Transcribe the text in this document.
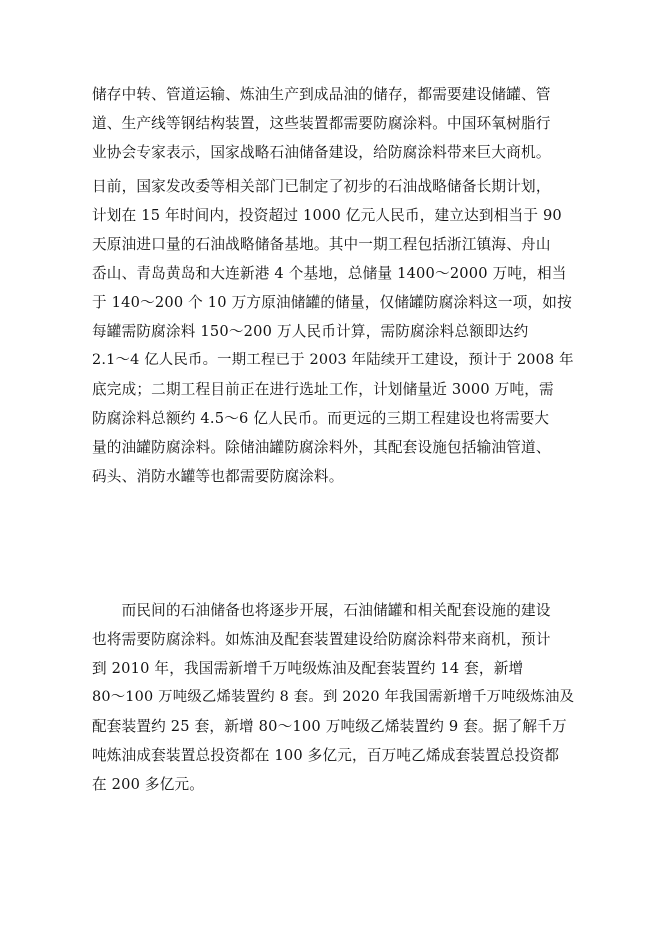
储存中转、管道运输、炼油生产到成品油的储存，都需要建设储罐、管
道、生产线等钢结构装置，这些装置都需要防腐涂料。中国环氧树脂行
业协会专家表示，国家战略石油储备建设，给防腐涂料带来巨大商机。
日前，国家发改委等相关部门已制定了初步的石油战略储备长期计划，
计划在 15 年时间内，投资超过 1000 亿元人民币，建立达到相当于 90
天原油进口量的石油战略储备基地。其中一期工程包括浙江镇海、舟山
岙山、青岛黄岛和大连新港 4 个基地，总储量 1400～2000 万吨，相当
于 140～200 个 10 万方原油储罐的储量，仅储罐防腐涂料这一项，如按
每罐需防腐涂料 150～200 万人民币计算，需防腐涂料总额即达约
2.1～4 亿人民币。一期工程已于 2003 年陆续开工建设，预计于 2008 年
底完成；二期工程目前正在进行选址工作，计划储量近 3000 万吨，需
防腐涂料总额约 4.5～6 亿人民币。而更远的三期工程建设也将需要大
量的油罐防腐涂料。除储油罐防腐涂料外，其配套设施包括输油管道、
码头、消防水罐等也都需要防腐涂料。
　　而民间的石油储备也将逐步开展，石油储罐和相关配套设施的建设
也将需要防腐涂料。如炼油及配套装置建设给防腐涂料带来商机，预计
到 2010 年，我国需新增千万吨级炼油及配套装置约 14 套，新增
80～100 万吨级乙烯装置约 8 套。到 2020 年我国需新增千万吨级炼油及
配套装置约 25 套，新增 80～100 万吨级乙烯装置约 9 套。据了解千万
吨炼油成套装置总投资都在 100 多亿元，百万吨乙烯成套装置总投资都
在 200 多亿元。
